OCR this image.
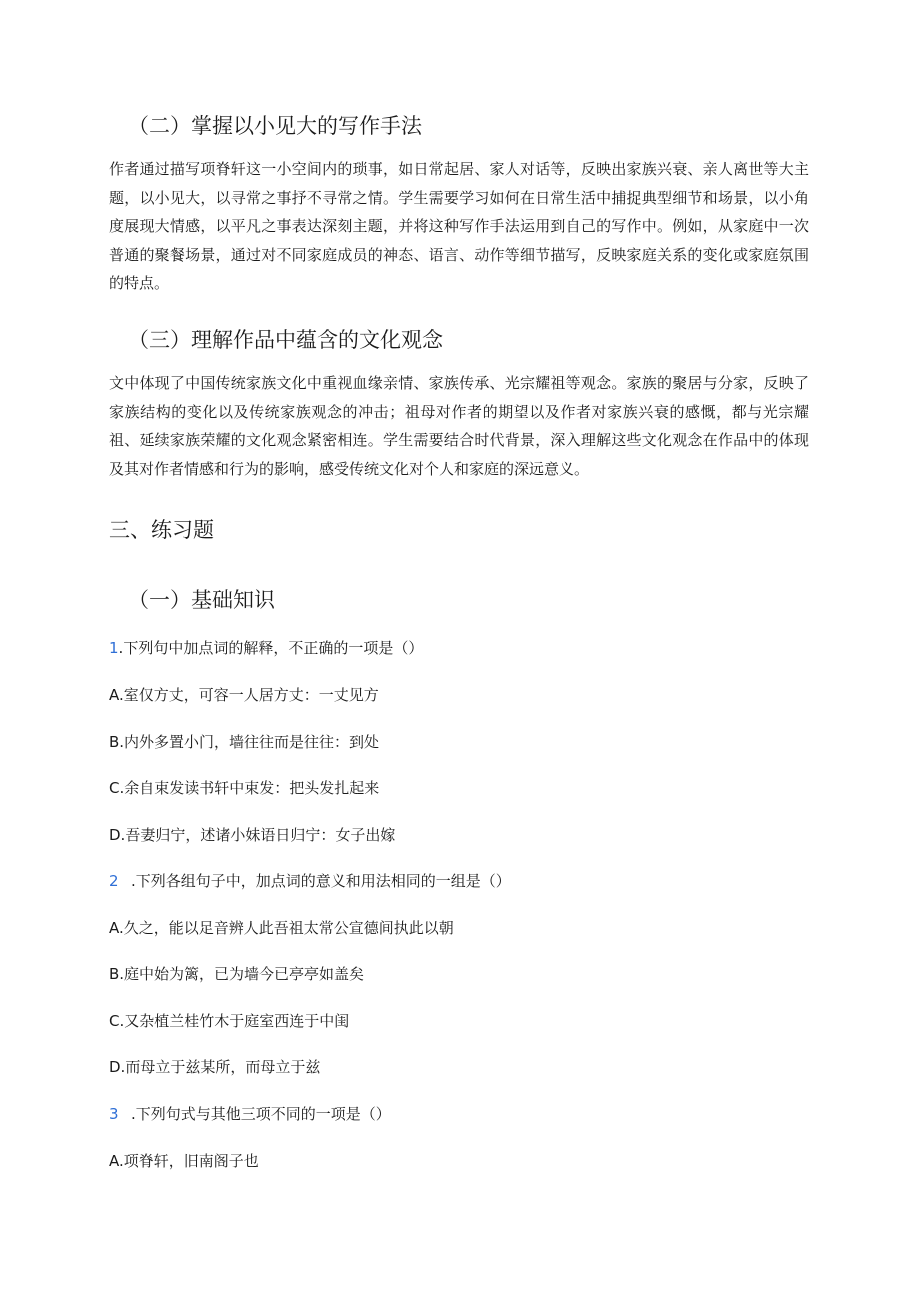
（二）掌握以小见大的写作手法
作者通过描写项脊轩这一小空间内的琐事，如日常起居、家人对话等，反映出家族兴衰、亲人离世等大主题，以小见大，以寻常之事抒不寻常之情。学生需要学习如何在日常生活中捕捉典型细节和场景，以小角度展现大情感，以平凡之事表达深刻主题，并将这种写作手法运用到自己的写作中。例如，从家庭中一次普通的聚餐场景，通过对不同家庭成员的神态、语言、动作等细节描写，反映家庭关系的变化或家庭氛围的特点。
（三）理解作品中蕴含的文化观念
文中体现了中国传统家族文化中重视血缘亲情、家族传承、光宗耀祖等观念。家族的聚居与分家，反映了家族结构的变化以及传统家族观念的冲击；祖母对作者的期望以及作者对家族兴衰的感慨，都与光宗耀祖、延续家族荣耀的文化观念紧密相连。学生需要结合时代背景，深入理解这些文化观念在作品中的体现及其对作者情感和行为的影响，感受传统文化对个人和家庭的深远意义。
三、练习题
（一）基础知识
1.下列句中加点词的解释，不正确的一项是（）
A.室仅方丈，可容一人居方丈：一丈见方
B.内外多置小门，墙往往而是往往：到处
C.余自束发读书轩中束发：把头发扎起来
D.吾妻归宁，述诸小妹语日归宁：女子出嫁
2 .下列各组句子中，加点词的意义和用法相同的一组是（）
A.久之，能以足音辨人此吾祖太常公宣德间执此以朝
B.庭中始为篱，已为墙今已亭亭如盖矣
C.又杂植兰桂竹木于庭室西连于中闺
D.而母立于兹某所，而母立于兹
3 .下列句式与其他三项不同的一项是（）
A.项脊轩，旧南阁子也
